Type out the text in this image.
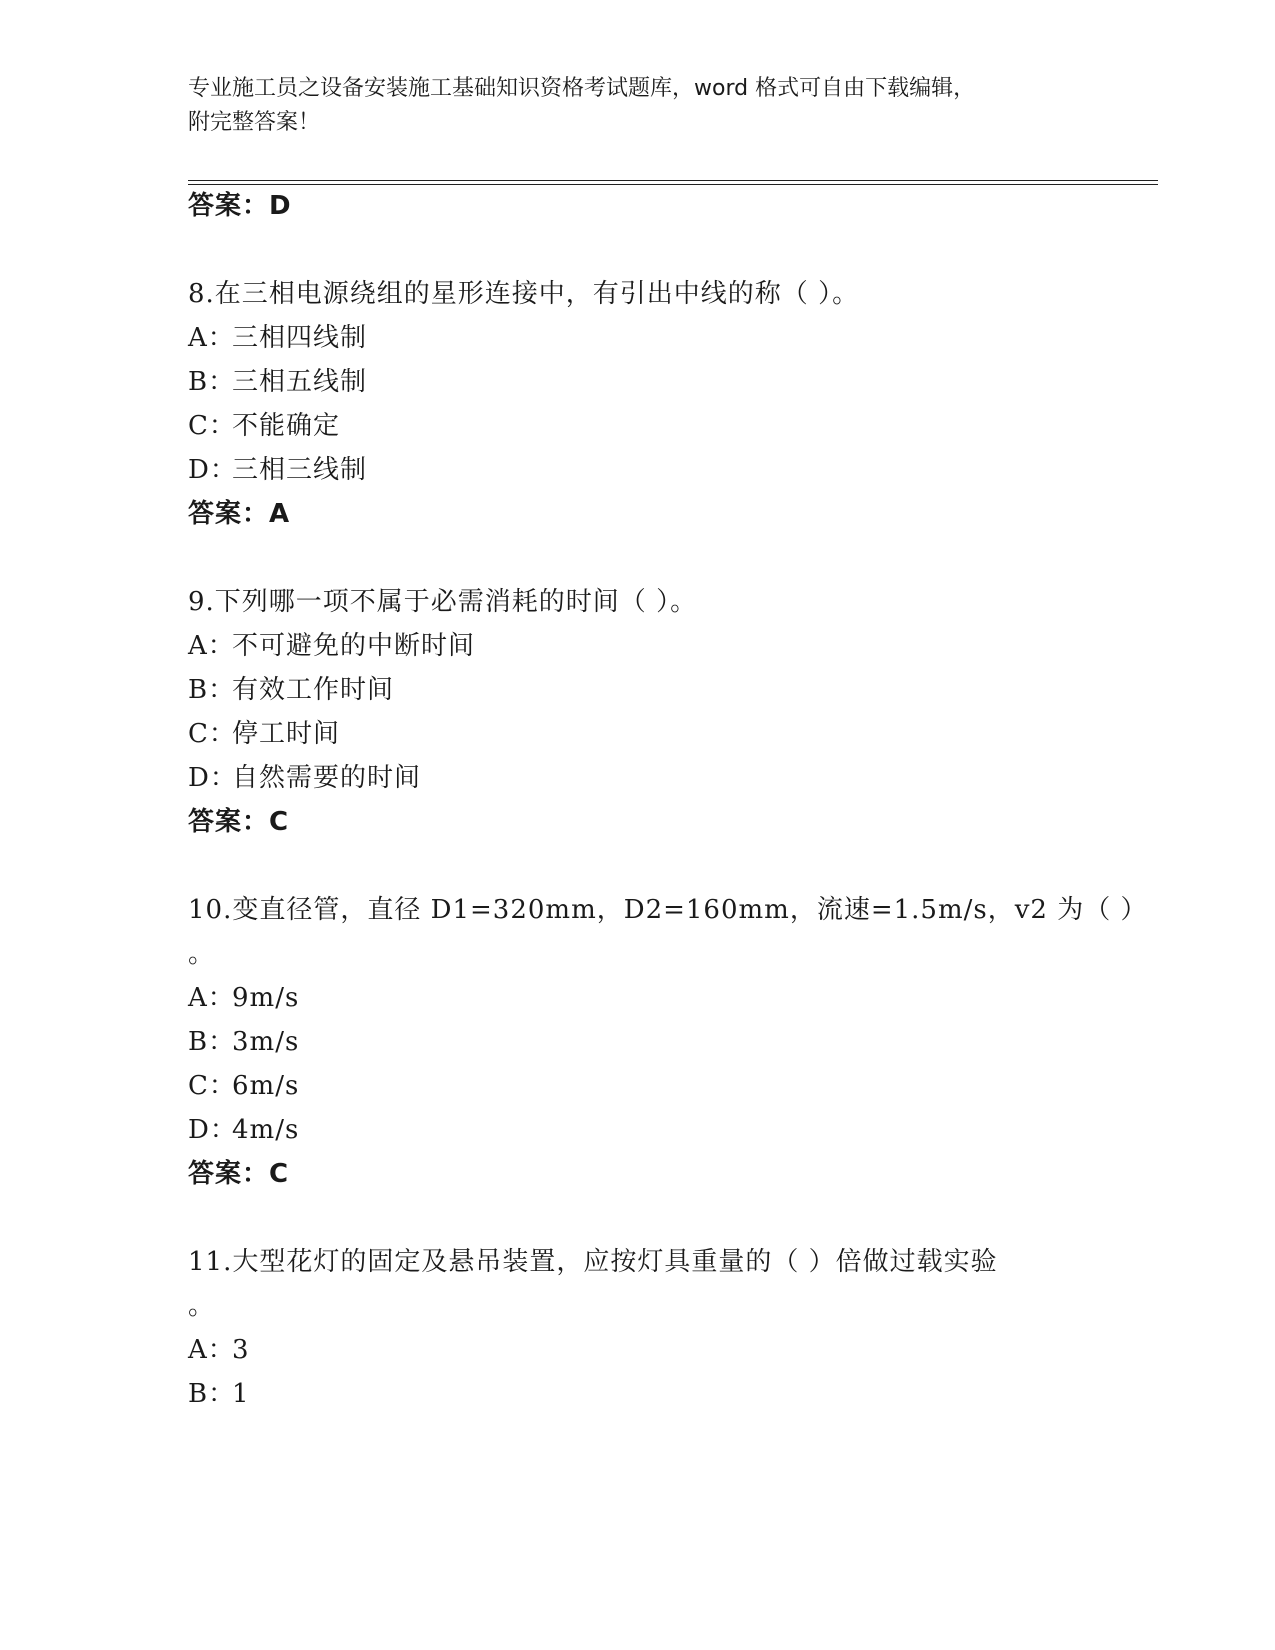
专业施工员之设备安装施工基础知识资格考试题库，word 格式可自由下载编辑，
附完整答案！
答案：D
8.在三相电源绕组的星形连接中，有引出中线的称（ ）。
A：三相四线制
B：三相五线制
C：不能确定
D：三相三线制
答案：A
9.下列哪一项不属于必需消耗的时间（ ）。
A：不可避免的中断时间
B：有效工作时间
C：停工时间
D：自然需要的时间
答案：C
10.变直径管，直径 D1=320mm，D2=160mm，流速=1.5m/s，v2 为（ ）
。
A：9m/s
B：3m/s
C：6m/s
D：4m/s
答案：C
11.大型花灯的固定及悬吊装置，应按灯具重量的（ ）倍做过载实验
。
A：3
B：1
